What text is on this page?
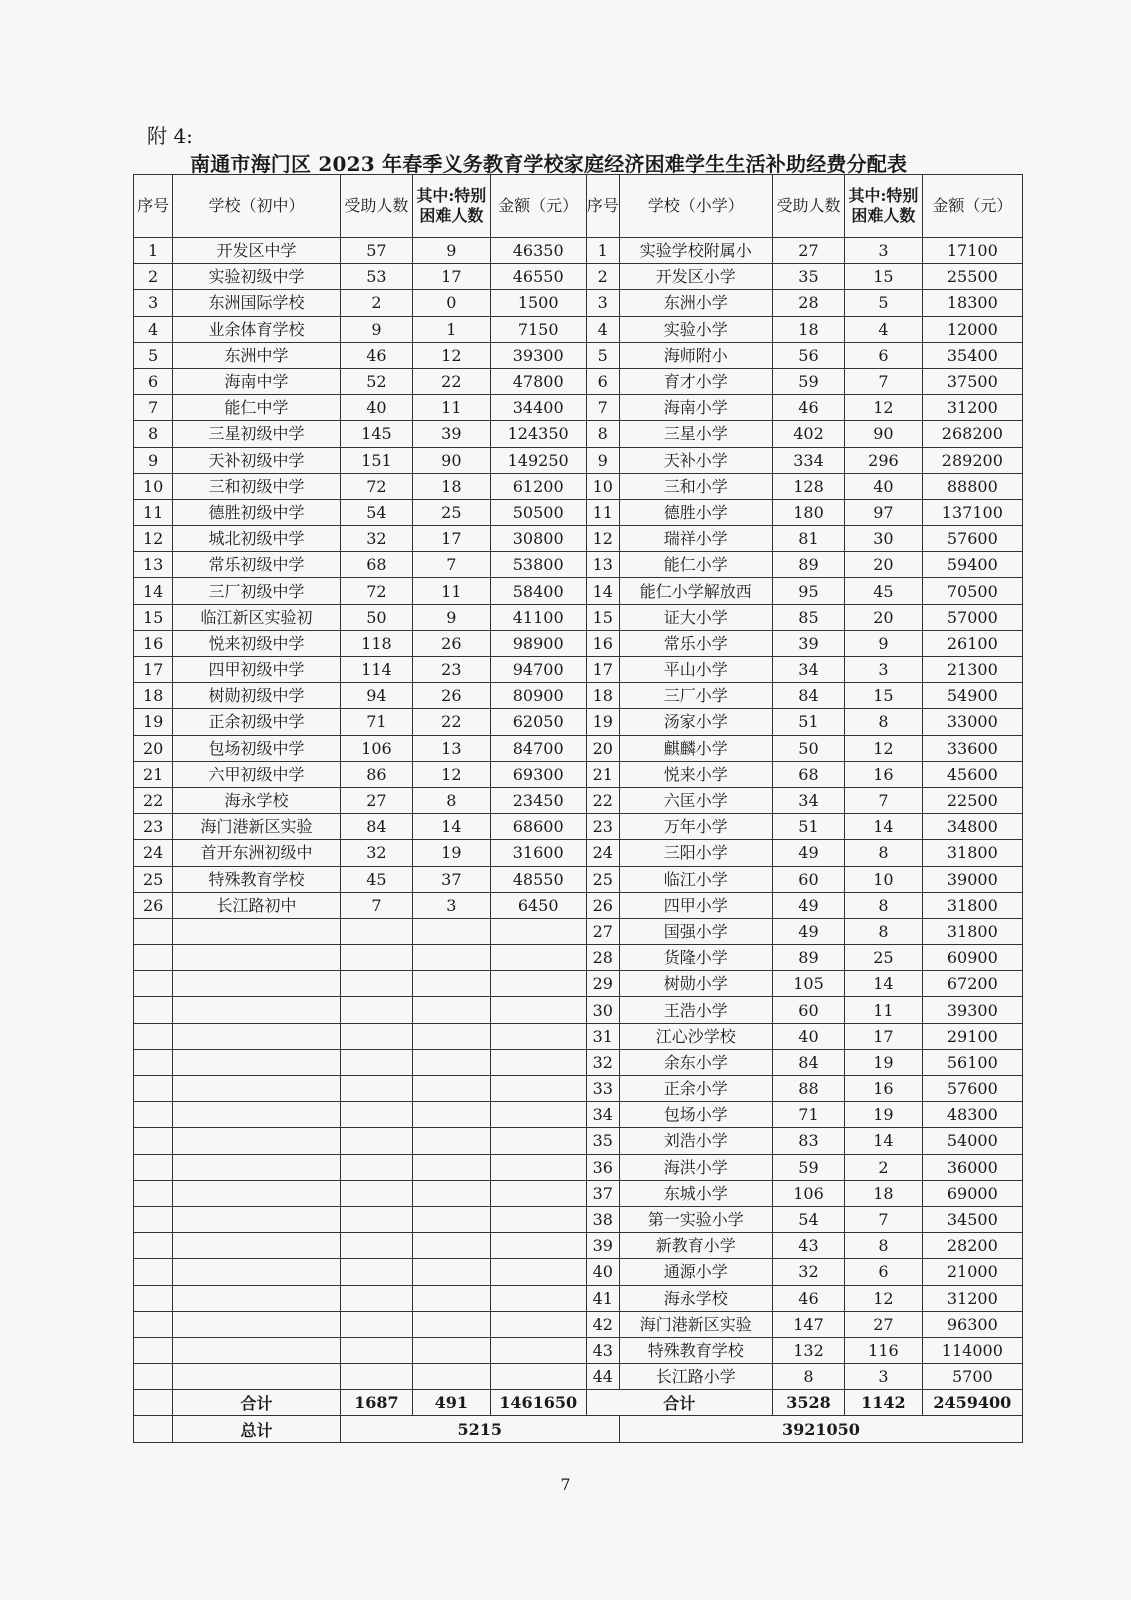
附 4:
南通市海门区 2023 年春季义务教育学校家庭经济困难学生生活补助经费分配表
序号	学校（初中）	受助人数	其中:特别困难人数	金额（元）	序号	学校（小学）	受助人数	其中:特别困难人数	金额（元）
1	开发区中学	57	9	46350	1	实验学校附属小	27	3	17100
2	实验初级中学	53	17	46550	2	开发区小学	35	15	25500
3	东洲国际学校	2	0	1500	3	东洲小学	28	5	18300
4	业余体育学校	9	1	7150	4	实验小学	18	4	12000
5	东洲中学	46	12	39300	5	海师附小	56	6	35400
6	海南中学	52	22	47800	6	育才小学	59	7	37500
7	能仁中学	40	11	34400	7	海南小学	46	12	31200
8	三星初级中学	145	39	124350	8	三星小学	402	90	268200
9	天补初级中学	151	90	149250	9	天补小学	334	296	289200
10	三和初级中学	72	18	61200	10	三和小学	128	40	88800
11	德胜初级中学	54	25	50500	11	德胜小学	180	97	137100
12	城北初级中学	32	17	30800	12	瑞祥小学	81	30	57600
13	常乐初级中学	68	7	53800	13	能仁小学	89	20	59400
14	三厂初级中学	72	11	58400	14	能仁小学解放西	95	45	70500
15	临江新区实验初	50	9	41100	15	证大小学	85	20	57000
16	悦来初级中学	118	26	98900	16	常乐小学	39	9	26100
17	四甲初级中学	114	23	94700	17	平山小学	34	3	21300
18	树勋初级中学	94	26	80900	18	三厂小学	84	15	54900
19	正余初级中学	71	22	62050	19	汤家小学	51	8	33000
20	包场初级中学	106	13	84700	20	麒麟小学	50	12	33600
21	六甲初级中学	86	12	69300	21	悦来小学	68	16	45600
22	海永学校	27	8	23450	22	六匡小学	34	7	22500
23	海门港新区实验	84	14	68600	23	万年小学	51	14	34800
24	首开东洲初级中	32	19	31600	24	三阳小学	49	8	31800
25	特殊教育学校	45	37	48550	25	临江小学	60	10	39000
26	长江路初中	7	3	6450	26	四甲小学	49	8	31800
					27	国强小学	49	8	31800
					28	货隆小学	89	25	60900
					29	树勋小学	105	14	67200
					30	王浩小学	60	11	39300
					31	江心沙学校	40	17	29100
					32	余东小学	84	19	56100
					33	正余小学	88	16	57600
					34	包场小学	71	19	48300
					35	刘浩小学	83	14	54000
					36	海洪小学	59	2	36000
					37	东城小学	106	18	69000
					38	第一实验小学	54	7	34500
					39	新教育小学	43	8	28200
					40	通源小学	32	6	21000
					41	海永学校	46	12	31200
					42	海门港新区实验	147	27	96300
					43	特殊教育学校	132	116	114000
					44	长江路小学	8	3	5700
	合计	1687	491	1461650	合计		3528	1142	2459400
	总计	5215				3921050			
7
